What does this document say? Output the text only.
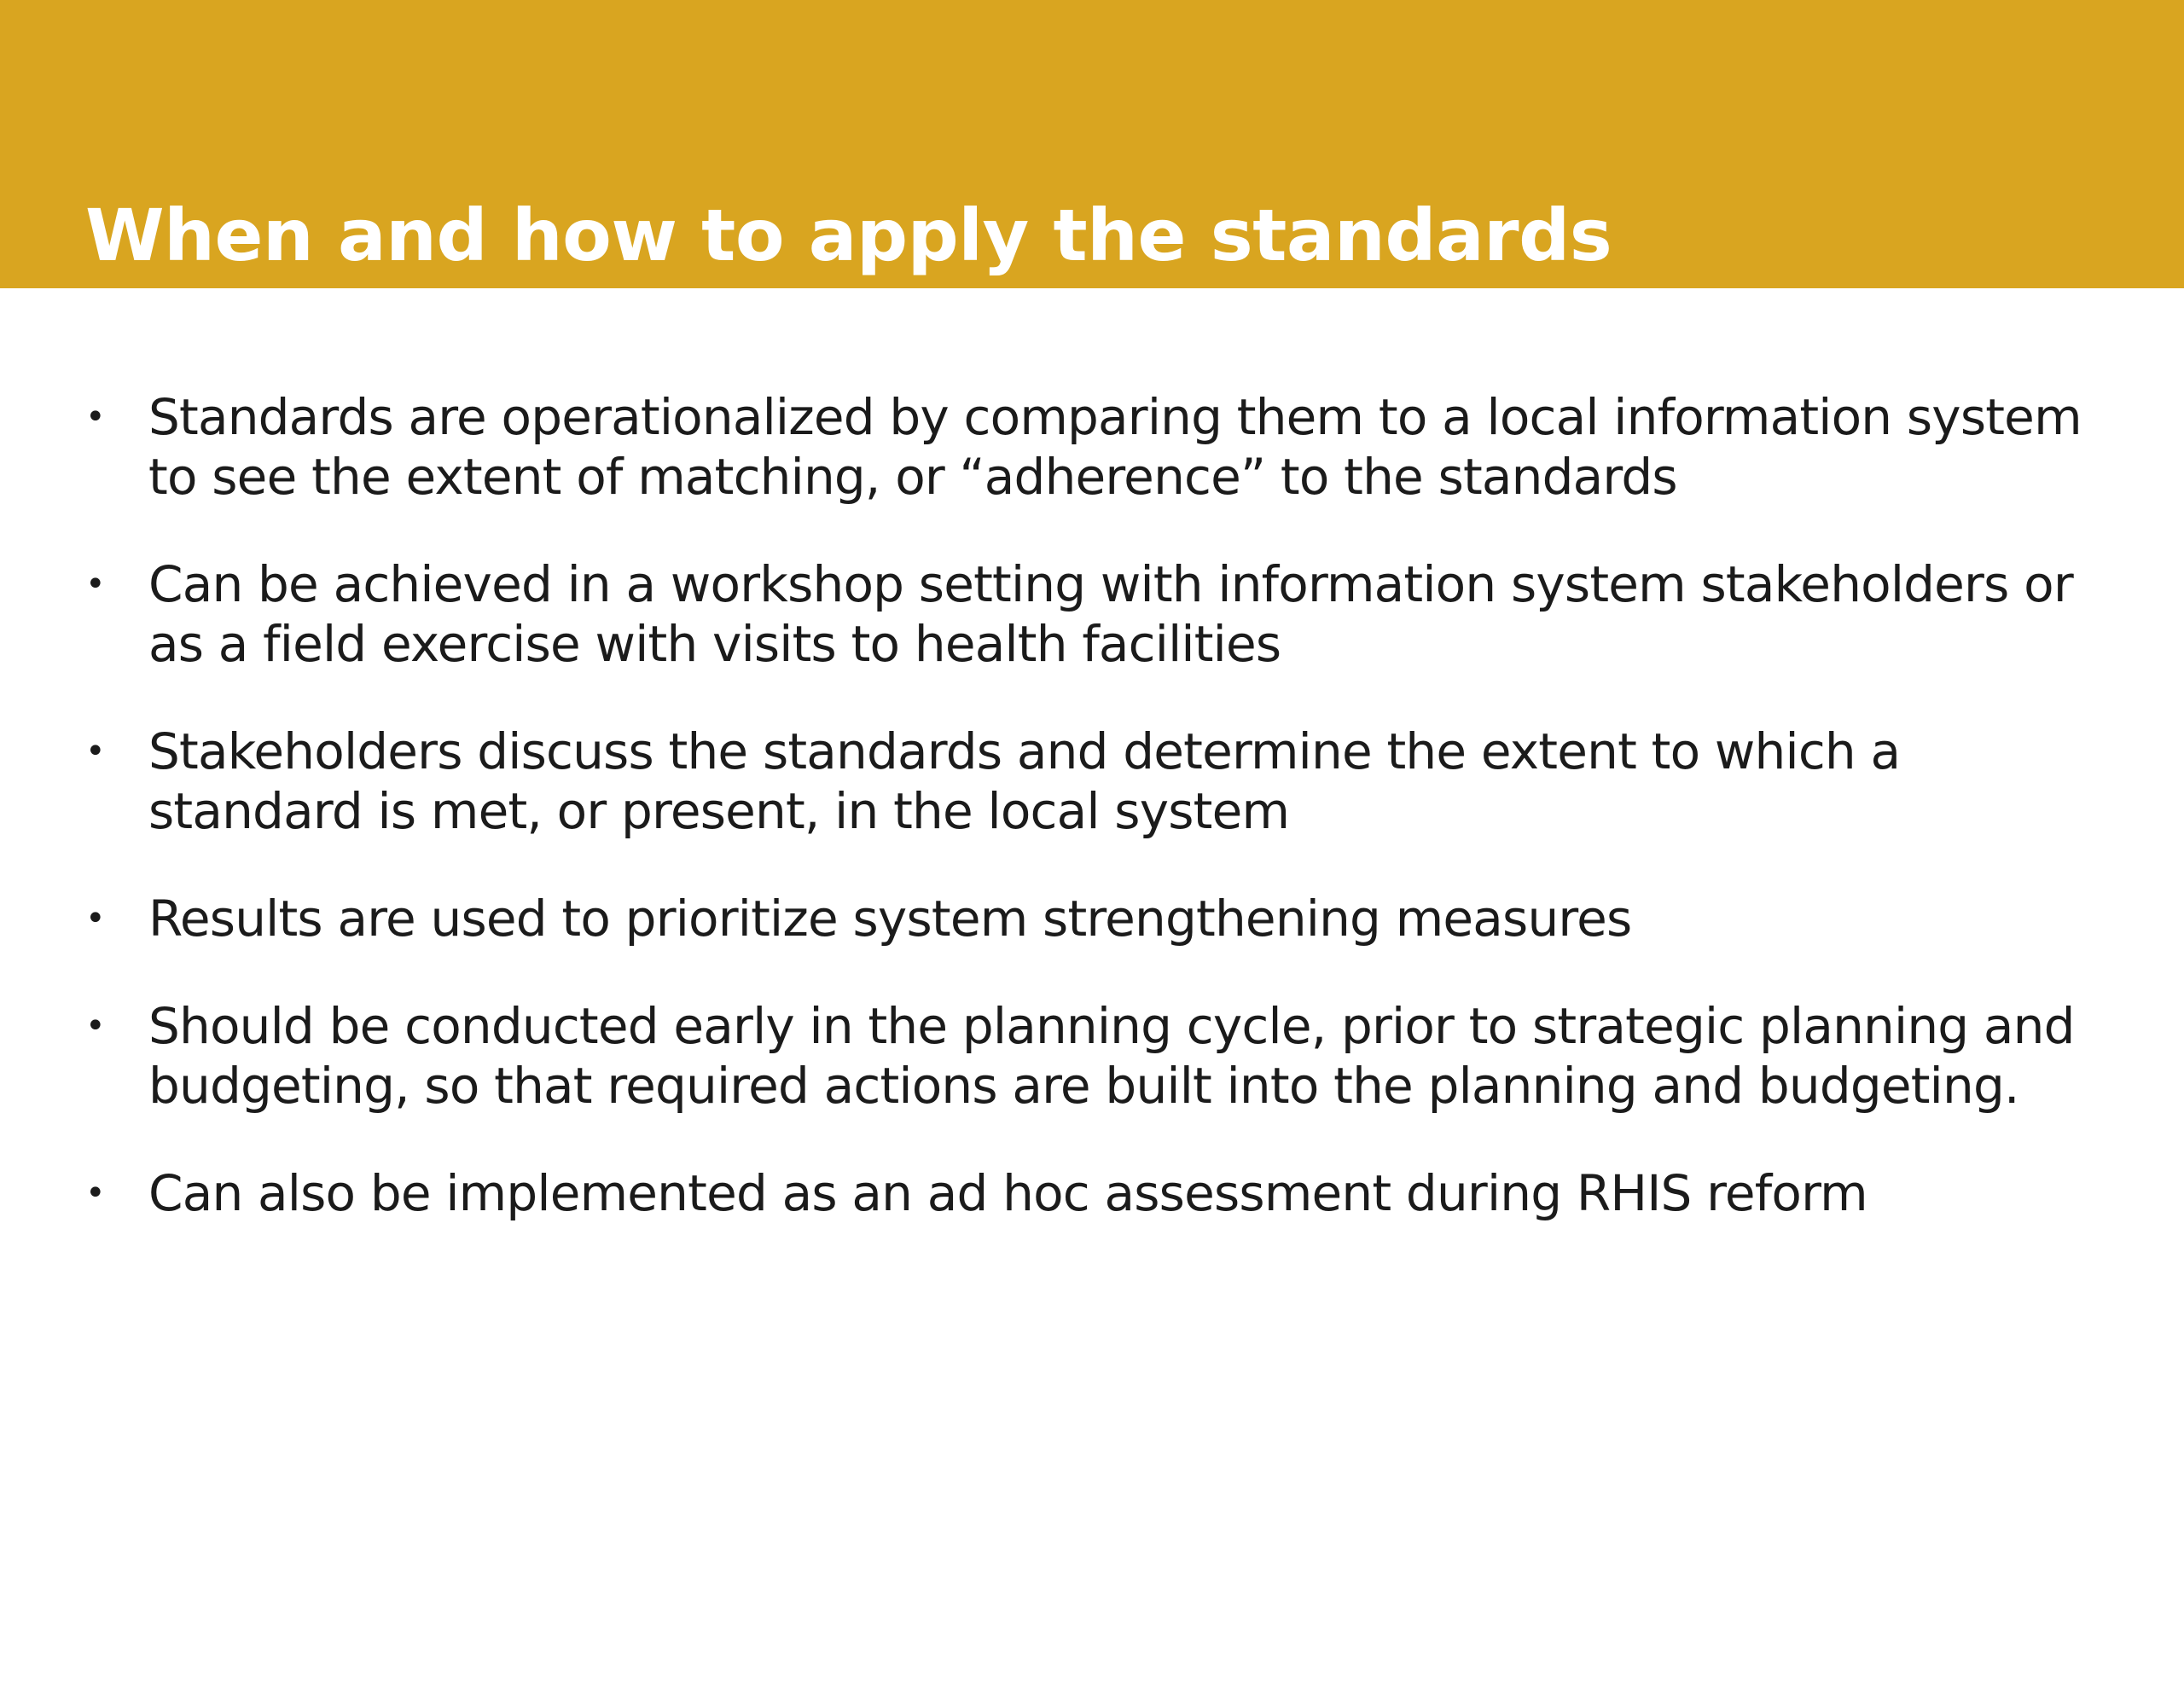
When and how to apply the standards
• Standards are operationalized by comparing them to a local information system to see the extent of matching, or “adherence” to the standards
• Can be achieved in a workshop setting with information system stakeholders or as a field exercise with visits to health facilities
• Stakeholders discuss the standards and determine the extent to which a standard is met, or present, in the local system
• Results are used to prioritize system strengthening measures
• Should be conducted early in the planning cycle, prior to strategic planning and budgeting, so that required actions are built into the planning and budgeting.
• Can also be implemented as an ad hoc assessment during RHIS reform
